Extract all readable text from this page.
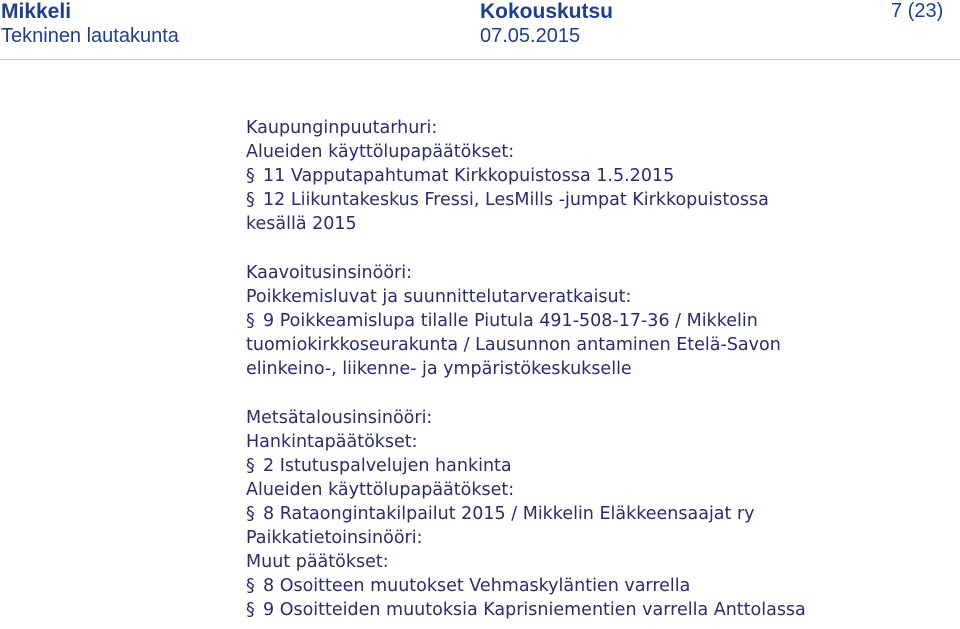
Mikkeli
Tekninen lautakunta
Kokouskutsu
07.05.2015
7 (23)
Kaupunginpuutarhuri:
Alueiden käyttölupapäätökset:
§ 11 Vapputapahtumat Kirkkopuistossa 1.5.2015
§ 12 Liikuntakeskus Fressi, LesMills -jumpat Kirkkopuistossa
kesällä 2015
Kaavoitusinsinööri:
Poikkemisluvat ja suunnittelutarveratkaisut:
§ 9 Poikkeamislupa tilalle Piutula 491-508-17-36 / Mikkelin
tuomiokirkkoseurakunta / Lausunnon antaminen Etelä-Savon
elinkeino-, liikenne- ja ympäristökeskukselle
Metsätalousinsinööri:
Hankintapäätökset:
§ 2 Istutuspalvelujen hankinta
Alueiden käyttölupapäätökset:
§ 8 Rataongintakilpailut 2015 / Mikkelin Eläkkeensaajat ry
Paikkatietoinsinööri:
Muut päätökset:
§ 8 Osoitteen muutokset Vehmaskyläntien varrella
§ 9 Osoitteiden muutoksia Kaprisniementien varrella Anttolassa
